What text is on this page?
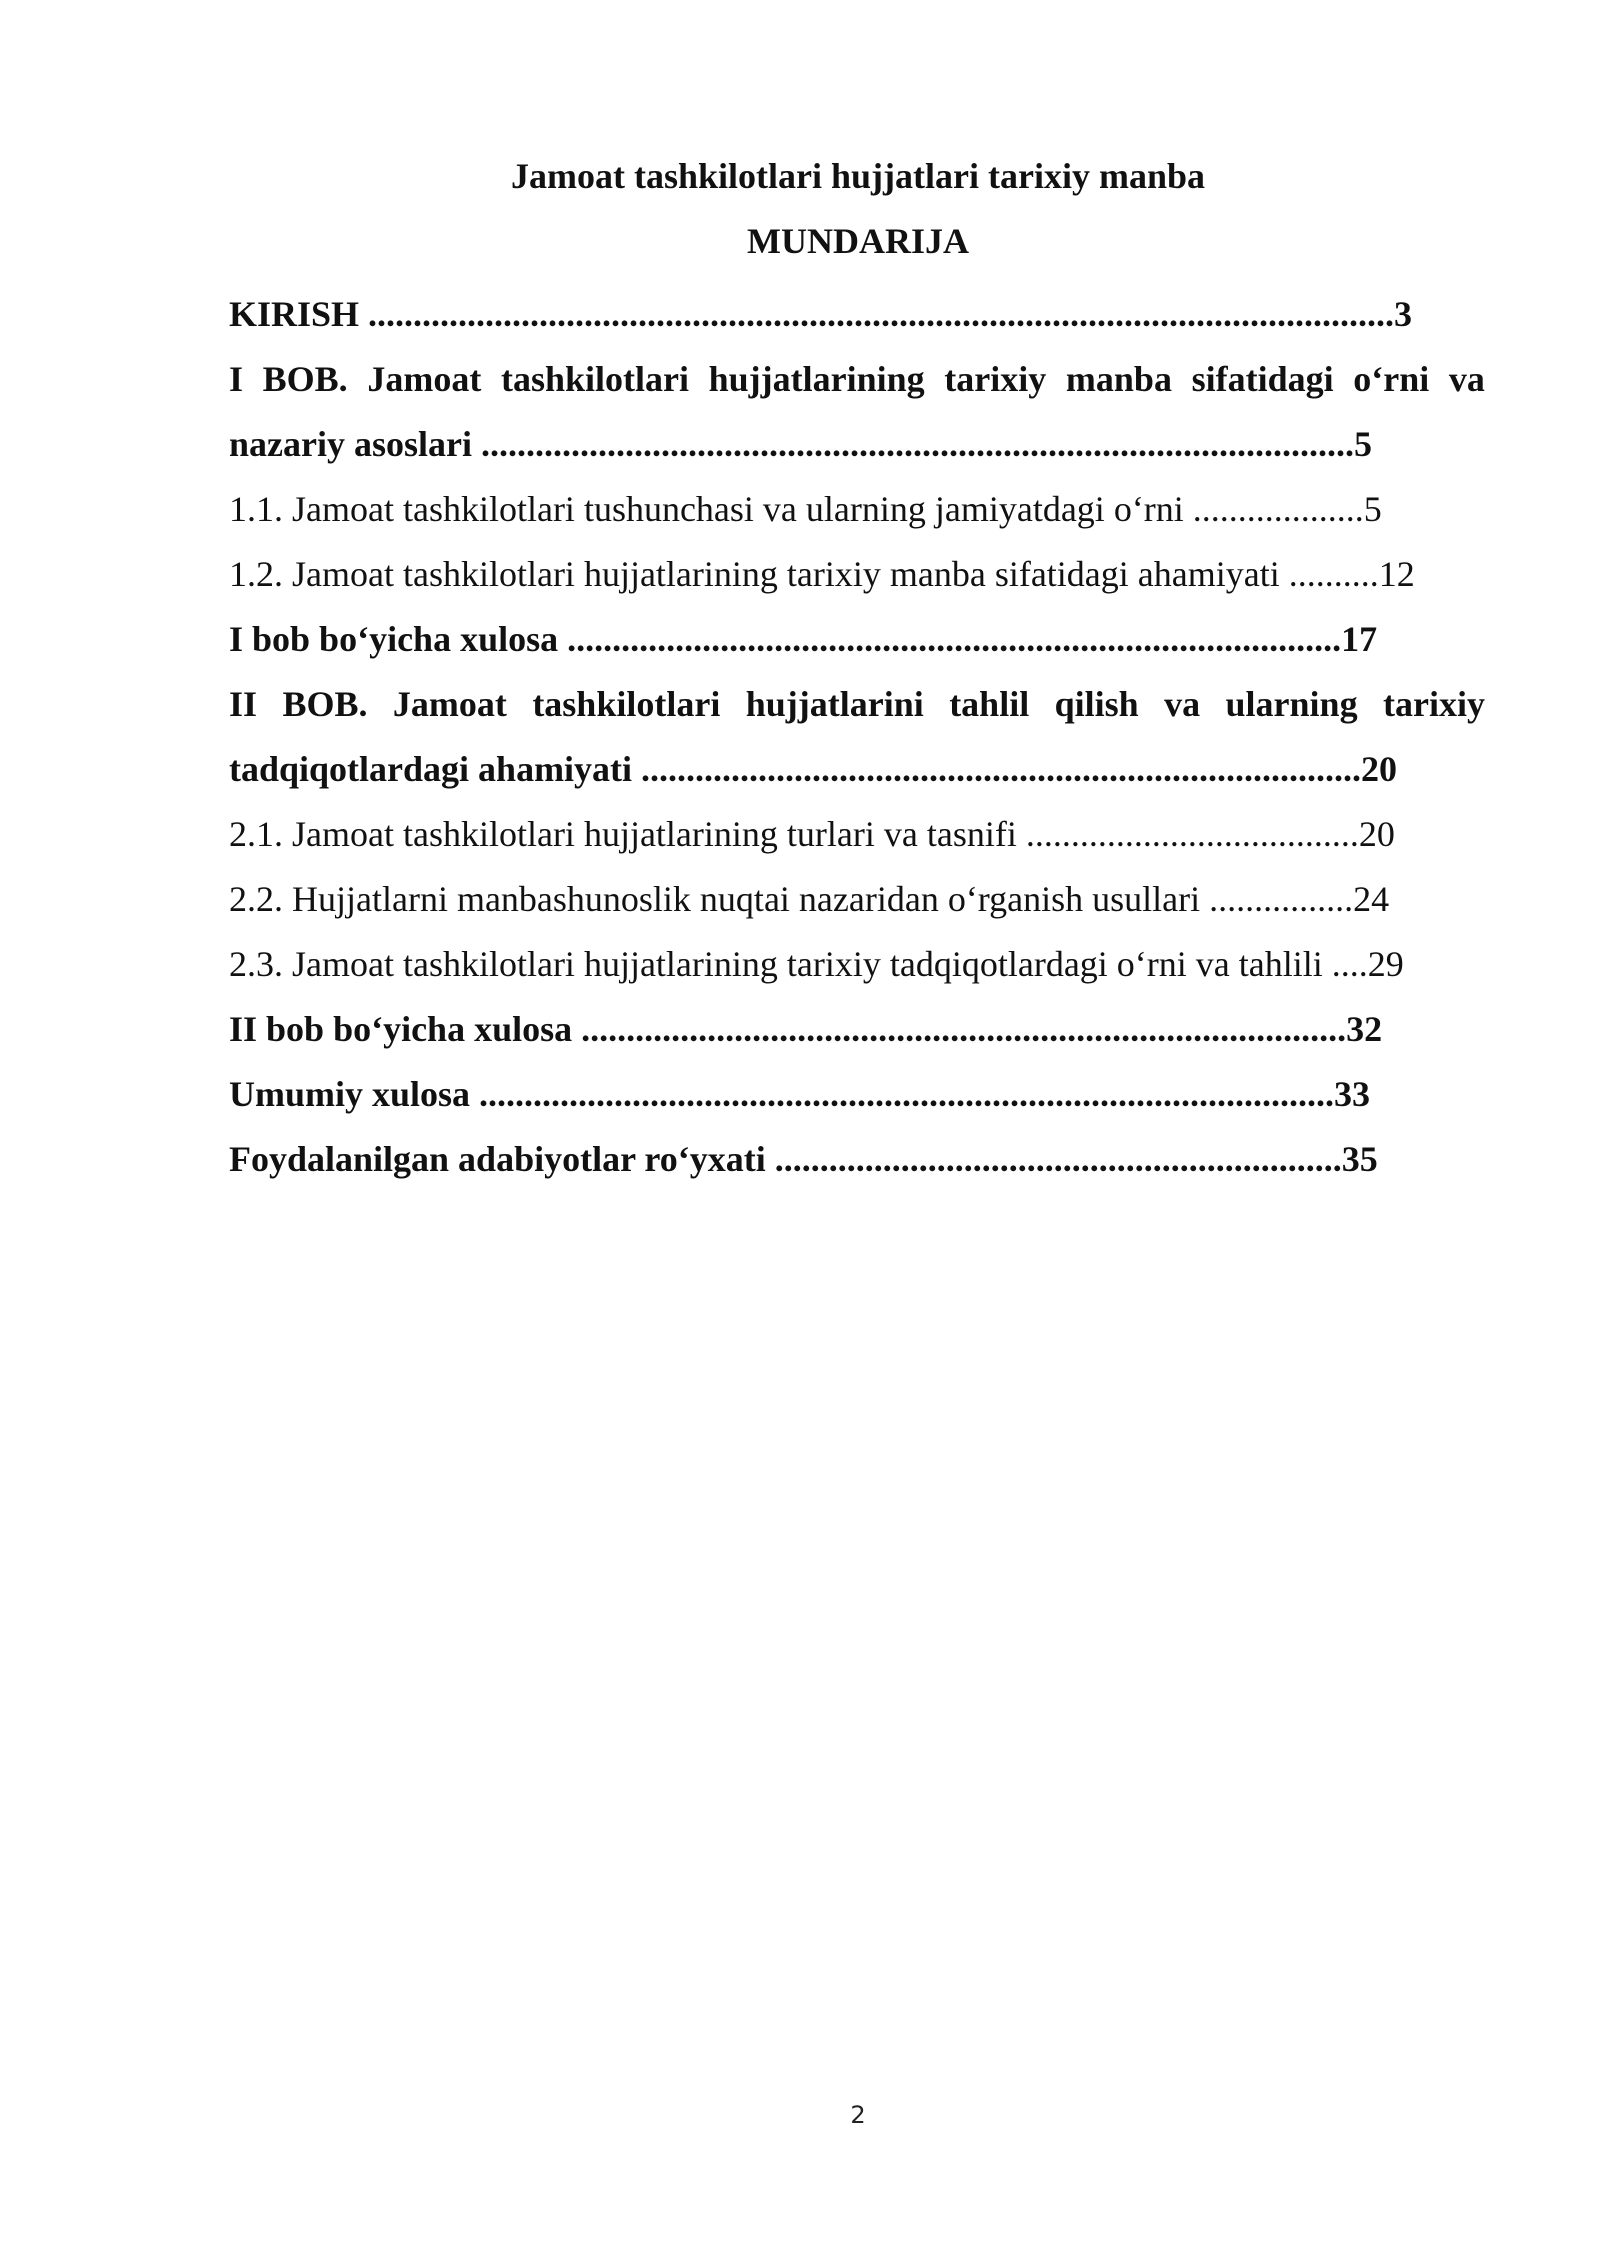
Jamoat tashkilotlari hujjatlari tarixiy manba
MUNDARIJA
KIRISH ..................................................................................................................3
I BOB. Jamoat tashkilotlari hujjatlarining tarixiy manba sifatidagi o‘rni va
nazariy asoslari .................................................................................................5
1.1. Jamoat tashkilotlari tushunchasi va ularning jamiyatdagi o‘rni ...................5
1.2. Jamoat tashkilotlari hujjatlarining tarixiy manba sifatidagi ahamiyati ..........12
I bob bo‘yicha xulosa ......................................................................................17
II BOB. Jamoat tashkilotlari hujjatlarini tahlil qilish va ularning tarixiy
tadqiqotlardagi ahamiyati ................................................................................20
2.1. Jamoat tashkilotlari hujjatlarining turlari va tasnifi .....................................20
2.2. Hujjatlarni manbashunoslik nuqtai nazaridan o‘rganish usullari ................24
2.3. Jamoat tashkilotlari hujjatlarining tarixiy tadqiqotlardagi o‘rni va tahlili ....29
II bob bo‘yicha xulosa .....................................................................................32
Umumiy xulosa ...............................................................................................33
Foydalanilgan adabiyotlar ro‘yxati ...............................................................35
2
